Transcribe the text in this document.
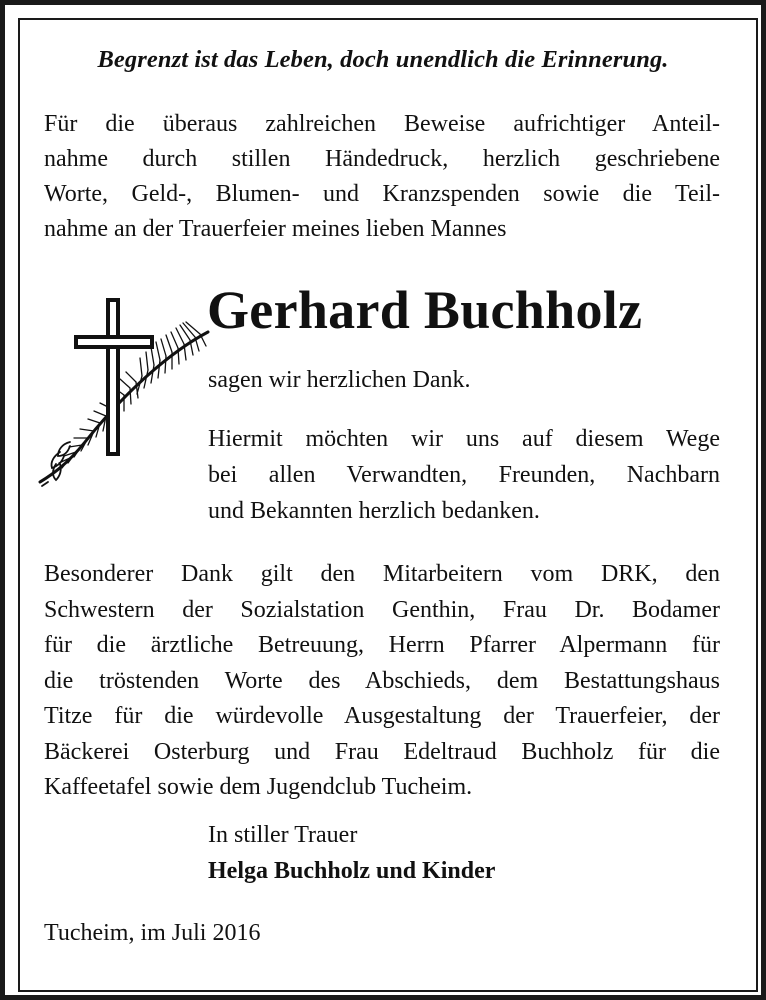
Begrenzt ist das Leben, doch unendlich die Erinnerung.
Für die überaus zahlreichen Beweise aufrichtiger Anteil-
nahme durch stillen Händedruck, herzlich geschriebene
Worte, Geld-, Blumen- und Kranzspenden sowie die Teil-
nahme an der Trauerfeier meines lieben Mannes
Gerhard Buchholz
sagen wir herzlichen Dank.
Hiermit möchten wir uns auf diesem Wege
bei allen Verwandten, Freunden, Nachbarn
und Bekannten herzlich bedanken.
Besonderer Dank gilt den Mitarbeitern vom DRK, den
Schwestern der Sozialstation Genthin, Frau Dr. Bodamer
für die ärztliche Betreuung, Herrn Pfarrer Alpermann für
die tröstenden Worte des Abschieds, dem Bestattungshaus
Titze für die würdevolle Ausgestaltung der Trauerfeier, der
Bäckerei Osterburg und Frau Edeltraud Buchholz für die
Kaffeetafel sowie dem Jugendclub Tucheim.
In stiller Trauer
Helga Buchholz und Kinder
Tucheim, im Juli 2016
